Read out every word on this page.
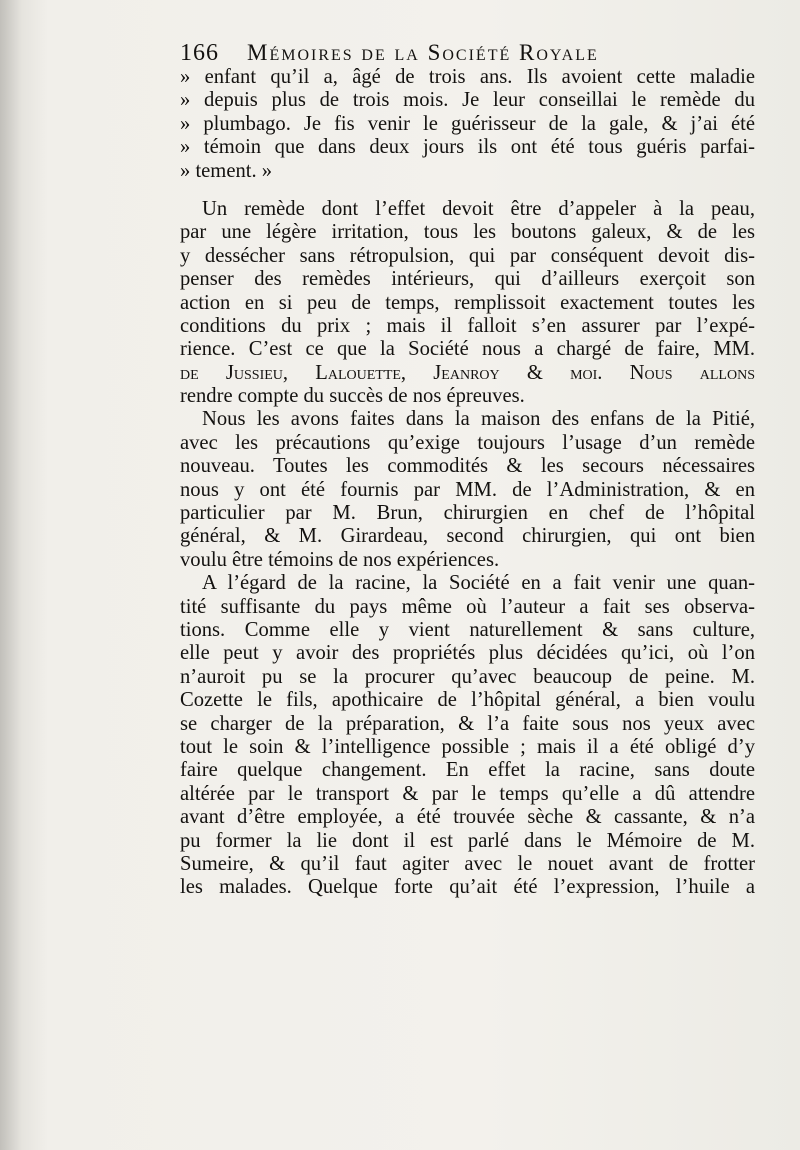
166 Mémoires de la Société Royale
» enfant qu’il a, âgé de trois ans. Ils avoient cette maladie
» depuis plus de trois mois. Je leur conseillai le remède du
» plumbago. Je fis venir le guérisseur de la gale, & j’ai été
» témoin que dans deux jours ils ont été tous guéris parfai-
» tement. »
Un remède dont l’effet devoit être d’appeler à la peau,
par une légère irritation, tous les boutons galeux, & de les
y dessécher sans rétropulsion, qui par conséquent devoit dis-
penser des remèdes intérieurs, qui d’ailleurs exerçoit son
action en si peu de temps, remplissoit exactement toutes les
conditions du prix ; mais il falloit s’en assurer par l’expé-
rience. C’est ce que la Société nous a chargé de faire, MM.
de Jussieu, Lalouette, Jeanroy & moi. Nous allons
rendre compte du succès de nos épreuves.
Nous les avons faites dans la maison des enfans de la Pitié,
avec les précautions qu’exige toujours l’usage d’un remède
nouveau. Toutes les commodités & les secours nécessaires
nous y ont été fournis par MM. de l’Administration, & en
particulier par M. Brun, chirurgien en chef de l’hôpital
général, & M. Girardeau, second chirurgien, qui ont bien
voulu être témoins de nos expériences.
A l’égard de la racine, la Société en a fait venir une quan-
tité suffisante du pays même où l’auteur a fait ses observa-
tions. Comme elle y vient naturellement & sans culture,
elle peut y avoir des propriétés plus décidées qu’ici, où l’on
n’auroit pu se la procurer qu’avec beaucoup de peine. M.
Cozette le fils, apothicaire de l’hôpital général, a bien voulu
se charger de la préparation, & l’a faite sous nos yeux avec
tout le soin & l’intelligence possible ; mais il a été obligé d’y
faire quelque changement. En effet la racine, sans doute
altérée par le transport & par le temps qu’elle a dû attendre
avant d’être employée, a été trouvée sèche & cassante, & n’a
pu former la lie dont il est parlé dans le Mémoire de M.
Sumeire, & qu’il faut agiter avec le nouet avant de frotter
les malades. Quelque forte qu’ait été l’expression, l’huile a
